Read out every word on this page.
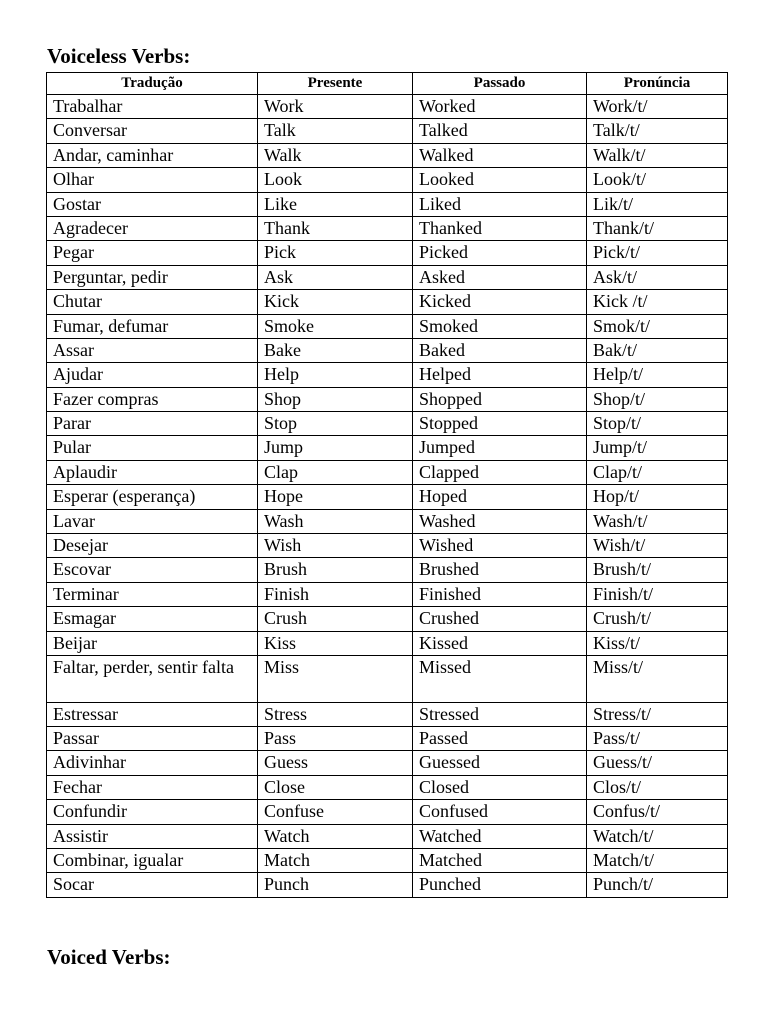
Voiceless Verbs:
Tradução	Presente	Passado	Pronúncia
Trabalhar	Work	Worked	Work/t/
Conversar	Talk	Talked	Talk/t/
Andar, caminhar	Walk	Walked	Walk/t/
Olhar	Look	Looked	Look/t/
Gostar	Like	Liked	Lik/t/
Agradecer	Thank	Thanked	Thank/t/
Pegar	Pick	Picked	Pick/t/
Perguntar, pedir	Ask	Asked	Ask/t/
Chutar	Kick	Kicked	Kick /t/
Fumar, defumar	Smoke	Smoked	Smok/t/
Assar	Bake	Baked	Bak/t/
Ajudar	Help	Helped	Help/t/
Fazer compras	Shop	Shopped	Shop/t/
Parar	Stop	Stopped	Stop/t/
Pular	Jump	Jumped	Jump/t/
Aplaudir	Clap	Clapped	Clap/t/
Esperar (esperança)	Hope	Hoped	Hop/t/
Lavar	Wash	Washed	Wash/t/
Desejar	Wish	Wished	Wish/t/
Escovar	Brush	Brushed	Brush/t/
Terminar	Finish	Finished	Finish/t/
Esmagar	Crush	Crushed	Crush/t/
Beijar	Kiss	Kissed	Kiss/t/
Faltar, perder, sentir falta	Miss	Missed	Miss/t/
Estressar	Stress	Stressed	Stress/t/
Passar	Pass	Passed	Pass/t/
Adivinhar	Guess	Guessed	Guess/t/
Fechar	Close	Closed	Clos/t/
Confundir	Confuse	Confused	Confus/t/
Assistir	Watch	Watched	Watch/t/
Combinar, igualar	Match	Matched	Match/t/
Socar	Punch	Punched	Punch/t/
Voiced Verbs:
